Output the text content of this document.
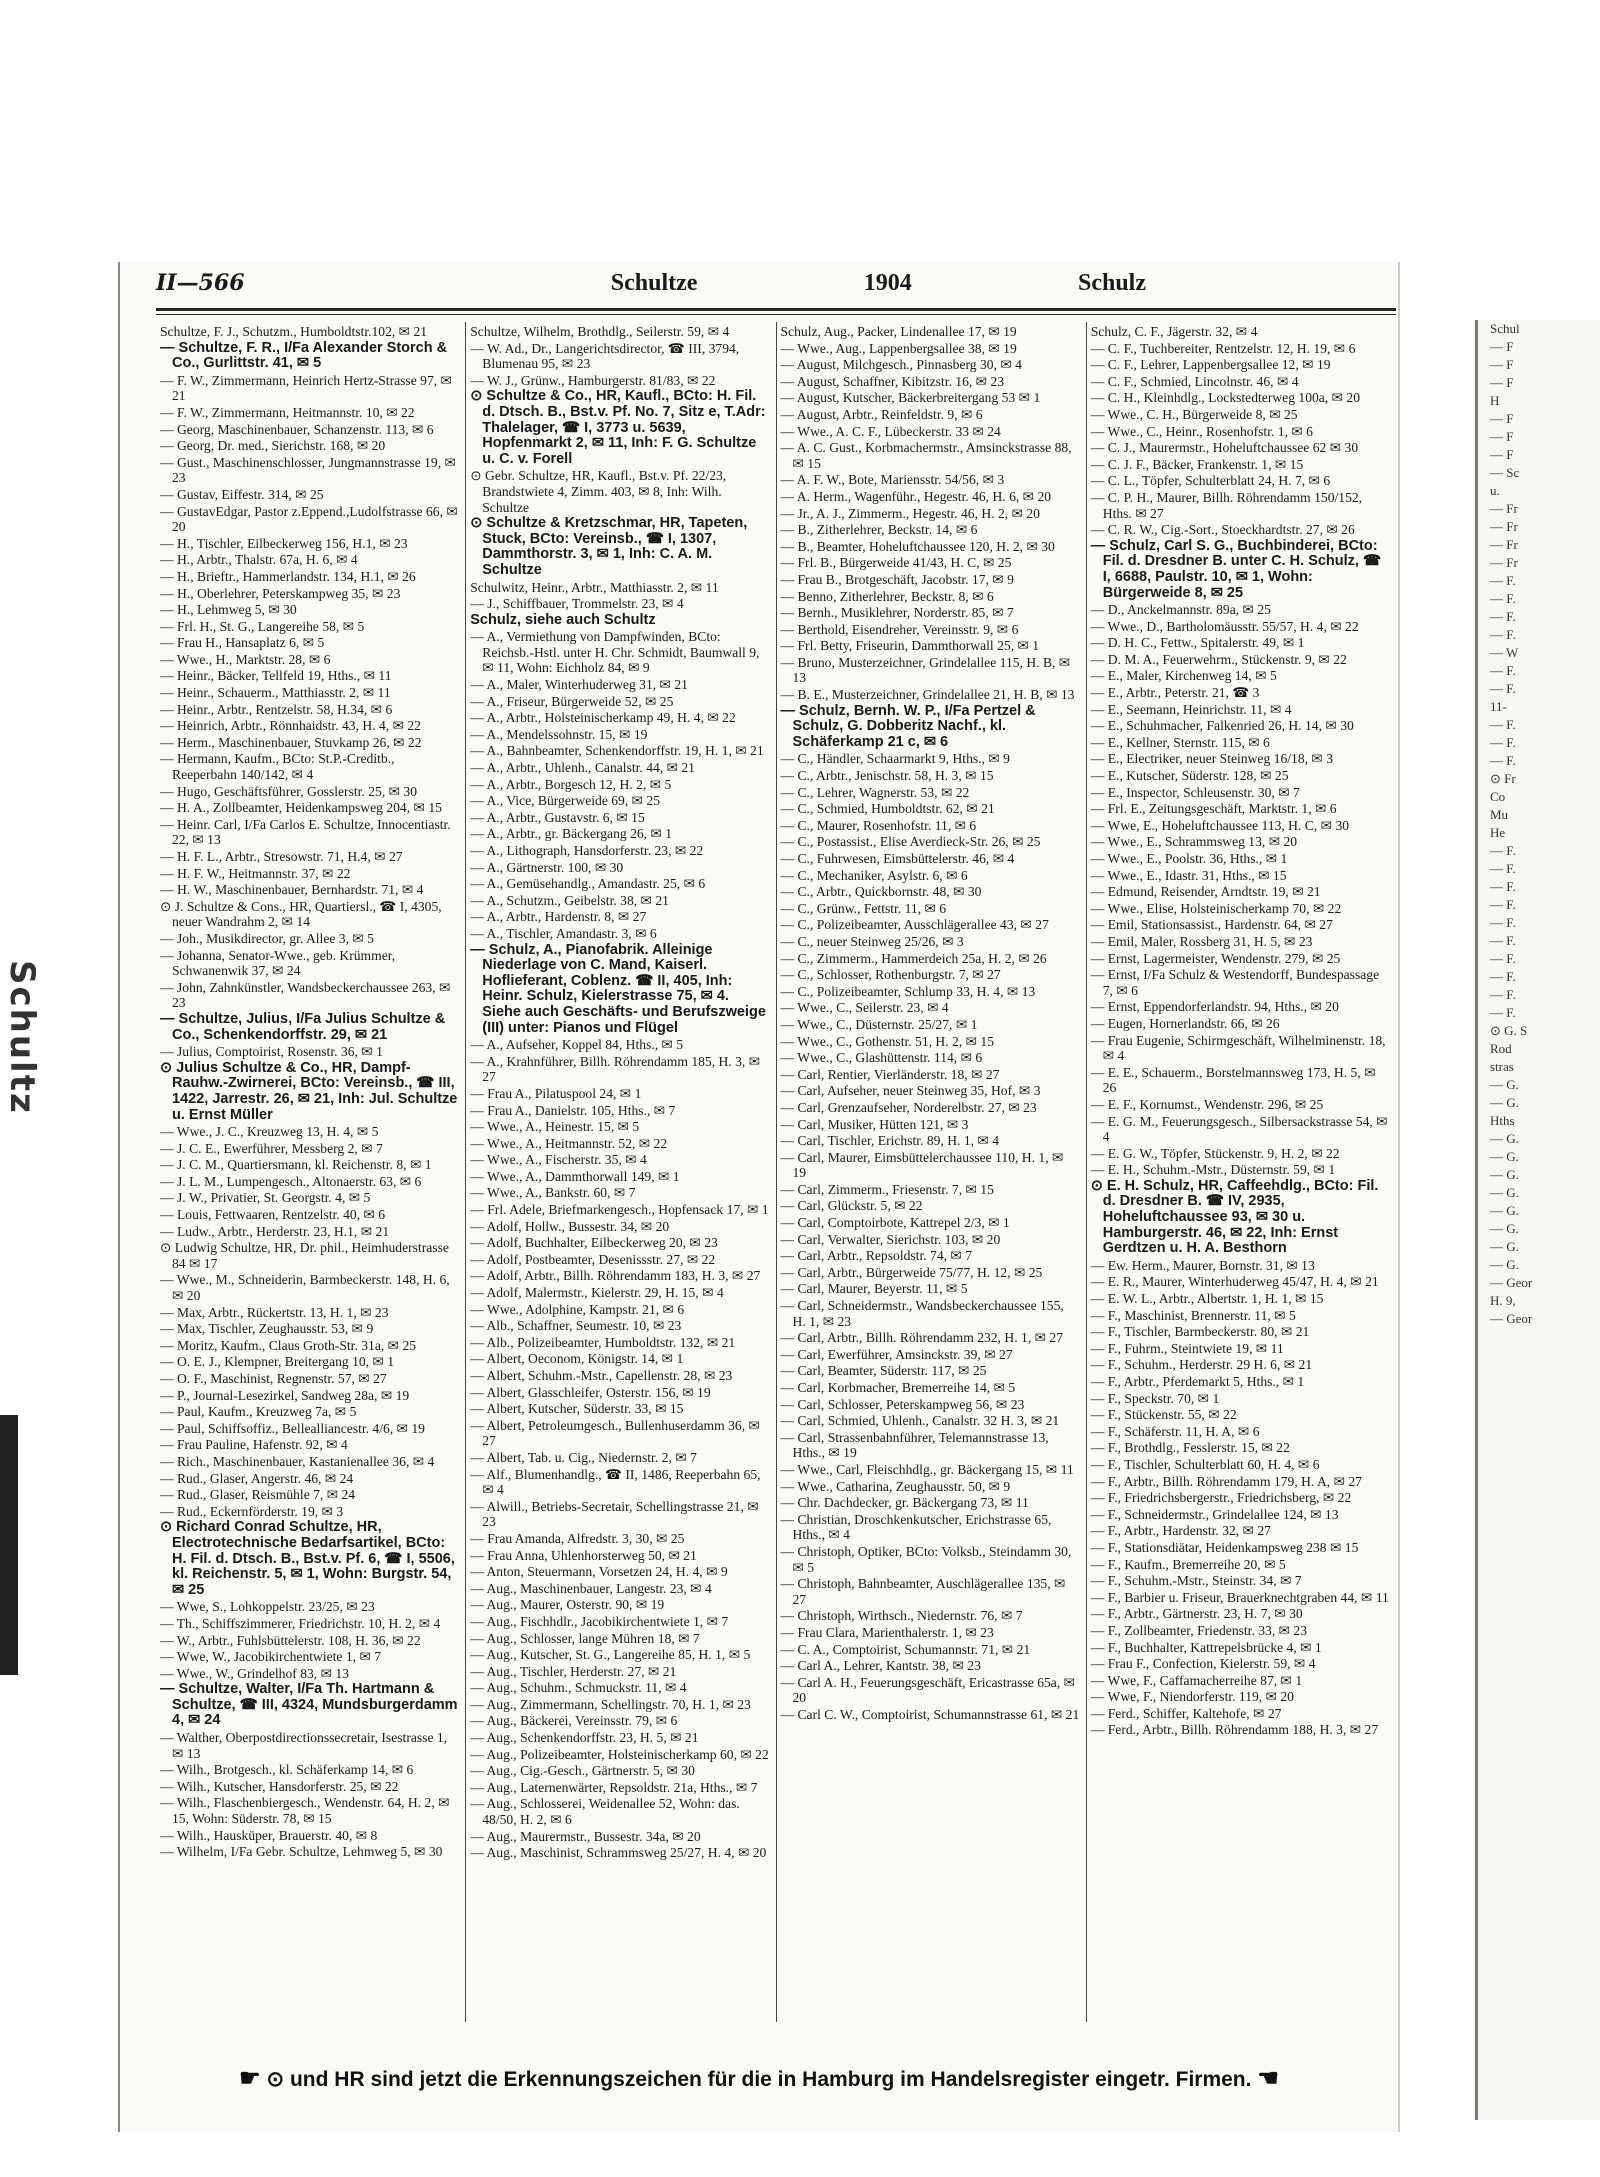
Schultz
II—566	Schultze	1904	Schulz
Schultze, F. J., Schutzm., Humboldtstr.102, ✉ 21
— Schultze, F. R., I/Fa Alexander Storch & Co., Gurlittstr. 41, ✉ 5
— F. W., Zimmermann, Heinrich Hertz-Strasse 97, ✉ 21
— F. W., Zimmermann, Heitmannstr. 10, ✉ 22
— Georg, Maschinenbauer, Schanzenstr. 113, ✉ 6
— Georg, Dr. med., Sierichstr. 168, ✉ 20
— Gust., Maschinenschlosser, Jungmannstrasse 19, ✉ 23
— Gustav, Eiffestr. 314, ✉ 25
— GustavEdgar, Pastor z.Eppend.,Ludolfstrasse 66, ✉ 20
— H., Tischler, Eilbeckerweg 156, H.1, ✉ 23
— H., Arbtr., Thalstr. 67a, H. 6, ✉ 4
— H., Brieftr., Hammerlandstr. 134, H.1, ✉ 26
— H., Oberlehrer, Peterskampweg 35, ✉ 23
— H., Lehmweg 5, ✉ 30
— Frl. H., St. G., Langereihe 58, ✉ 5
— Frau H., Hansaplatz 6, ✉ 5
— Wwe., H., Marktstr. 28, ✉ 6
— Heinr., Bäcker, Tellfeld 19, Hths., ✉ 11
— Heinr., Schauerm., Matthiasstr. 2, ✉ 11
— Heinr., Arbtr., Rentzelstr. 58, H.34, ✉ 6
— Heinrich, Arbtr., Rönnhaidstr. 43, H. 4, ✉ 22
— Herm., Maschinenbauer, Stuvkamp 26, ✉ 22
— Hermann, Kaufm., BCto: St.P.-Creditb., Reeperbahn 140/142, ✉ 4
— Hugo, Geschäftsführer, Gosslerstr. 25, ✉ 30
— H. A., Zollbeamter, Heidenkampsweg 204, ✉ 15
— Heinr. Carl, I/Fa Carlos E. Schultze, Innocentiastr. 22, ✉ 13
— H. F. L., Arbtr., Stresowstr. 71, H.4, ✉ 27
— H. F. W., Heitmannstr. 37, ✉ 22
— H. W., Maschinenbauer, Bernhardstr. 71, ✉ 4
⊙ J. Schultze & Cons., HR, Quartiersl., ☎ I, 4305, neuer Wandrahm 2, ✉ 14
— Joh., Musikdirector, gr. Allee 3, ✉ 5
— Johanna, Senator-Wwe., geb. Krümmer, Schwanenwik 37, ✉ 24
— John, Zahnkünstler, Wandsbeckerchaussee 263, ✉ 23
— Schultze, Julius, I/Fa Julius Schultze & Co., Schenkendorffstr. 29, ✉ 21
— Julius, Comptoirist, Rosenstr. 36, ✉ 1
⊙ Julius Schultze & Co., HR, Dampf-Rauhw.-Zwirnerei, BCto: Vereinsb., ☎ III, 1422, Jarrestr. 26, ✉ 21, Inh: Jul. Schultze u. Ernst Müller
— Wwe., J. C., Kreuzweg 13, H. 4, ✉ 5
— J. C. E., Ewerführer, Messberg 2, ✉ 7
— J. C. M., Quartiersmann, kl. Reichenstr. 8, ✉ 1
— J. L. M., Lumpengesch., Altonaerstr. 63, ✉ 6
— J. W., Privatier, St. Georgstr. 4, ✉ 5
— Louis, Fettwaaren, Rentzelstr. 40, ✉ 6
— Ludw., Arbtr., Herderstr. 23, H.1, ✉ 21
⊙ Ludwig Schultze, HR, Dr. phil., Heimhuderstrasse 84 ✉ 17
— Wwe., M., Schneiderin, Barmbeckerstr. 148, H. 6, ✉ 20
— Max, Arbtr., Rückertstr. 13, H. 1, ✉ 23
— Max, Tischler, Zeughausstr. 53, ✉ 9
— Moritz, Kaufm., Claus Groth-Str. 31a, ✉ 25
— O. E. J., Klempner, Breitergang 10, ✉ 1
— O. F., Maschinist, Regnenstr. 57, ✉ 27
— P., Journal-Lesezirkel, Sandweg 28a, ✉ 19
— Paul, Kaufm., Kreuzweg 7a, ✉ 5
— Paul, Schiffsoffiz., Bellealliancestr. 4/6, ✉ 19
— Frau Pauline, Hafenstr. 92, ✉ 4
— Rich., Maschinenbauer, Kastanienallee 36, ✉ 4
— Rud., Glaser, Angerstr. 46, ✉ 24
— Rud., Glaser, Reismühle 7, ✉ 24
— Rud., Eckernförderstr. 19, ✉ 3
⊙ Richard Conrad Schultze, HR, Electrotechnische Bedarfsartikel, BCto: H. Fil. d. Dtsch. B., Bst.v. Pf. 6, ☎ I, 5506, kl. Reichenstr. 5, ✉ 1, Wohn: Burgstr. 54, ✉ 25
— Wwe, S., Lohkoppelstr. 23/25, ✉ 23
— Th., Schiffszimmerer, Friedrichstr. 10, H. 2, ✉ 4
— W., Arbtr., Fuhlsbüttelerstr. 108, H. 36, ✉ 22
— Wwe, W., Jacobikirchentwiete 1, ✉ 7
— Wwe., W., Grindelhof 83, ✉ 13
— Schultze, Walter, I/Fa Th. Hartmann & Schultze, ☎ III, 4324, Mundsburgerdamm 4, ✉ 24
— Walther, Oberpostdirectionssecretair, Isestrasse 1, ✉ 13
— Wilh., Brotgesch., kl. Schäferkamp 14, ✉ 6
— Wilh., Kutscher, Hansdorferstr. 25, ✉ 22
— Wilh., Flaschenbiergesch., Wendenstr. 64, H. 2, ✉ 15, Wohn: Süderstr. 78, ✉ 15
— Wilh., Hausküper, Brauerstr. 40, ✉ 8
— Wilhelm, I/Fa Gebr. Schultze, Lehmweg 5, ✉ 30
Schultze, Wilhelm, Brothdlg., Seilerstr. 59, ✉ 4
— W. Ad., Dr., Langerichtsdirector, ☎ III, 3794, Blumenau 95, ✉ 23
— W. J., Grünw., Hamburgerstr. 81/83, ✉ 22
⊙ Schultze & Co., HR, Kaufl., BCto: H. Fil. d. Dtsch. B., Bst.v. Pf. No. 7, Sitz e, T.Adr: Thalelager, ☎ I, 3773 u. 5639, Hopfenmarkt 2, ✉ 11, Inh: F. G. Schultze u. C. v. Forell
⊙ Gebr. Schultze, HR, Kaufl., Bst.v. Pf. 22/23, Brandstwiete 4, Zimm. 403, ✉ 8, Inh: Wilh. Schultze
⊙ Schultze & Kretzschmar, HR, Tapeten, Stuck, BCto: Vereinsb., ☎ I, 1307, Dammthorstr. 3, ✉ 1, Inh: C. A. M. Schultze
Schulwitz, Heinr., Arbtr., Matthiasstr. 2, ✉ 11
— J., Schiffbauer, Trommelstr. 23, ✉ 4
Schulz, siehe auch Schultz
— A., Vermiethung von Dampfwinden, BCto: Reichsb.-Hstl. unter H. Chr. Schmidt, Baumwall 9, ✉ 11, Wohn: Eichholz 84, ✉ 9
— A., Maler, Winterhuderweg 31, ✉ 21
— A., Friseur, Bürgerweide 52, ✉ 25
— A., Arbtr., Holsteinischerkamp 49, H. 4, ✉ 22
— A., Mendelssohnstr. 15, ✉ 19
— A., Bahnbeamter, Schenkendorffstr. 19, H. 1, ✉ 21
— A., Arbtr., Uhlenh., Canalstr. 44, ✉ 21
— A., Arbtr., Borgesch 12, H. 2, ✉ 5
— A., Vice, Bürgerweide 69, ✉ 25
— A., Arbtr., Gustavstr. 6, ✉ 15
— A., Arbtr., gr. Bäckergang 26, ✉ 1
— A., Lithograph, Hansdorferstr. 23, ✉ 22
— A., Gärtnerstr. 100, ✉ 30
— A., Gemüsehandlg., Amandastr. 25, ✉ 6
— A., Schutzm., Geibelstr. 38, ✉ 21
— A., Arbtr., Hardenstr. 8, ✉ 27
— A., Tischler, Amandastr. 3, ✉ 6
— Schulz, A., Pianofabrik. Alleinige Niederlage von C. Mand, Kaiserl. Hoflieferant, Coblenz. ☎ II, 405, Inh: Heinr. Schulz, Kielerstrasse 75, ✉ 4. Siehe auch Geschäfts- und Berufszweige (III) unter: Pianos und Flügel
— A., Aufseher, Koppel 84, Hths., ✉ 5
— A., Krahnführer, Billh. Röhrendamm 185, H. 3, ✉ 27
— Frau A., Pilatuspool 24, ✉ 1
— Frau A., Danielstr. 105, Hths., ✉ 7
— Wwe., A., Heinestr. 15, ✉ 5
— Wwe., A., Heitmannstr. 52, ✉ 22
— Wwe., A., Fischerstr. 35, ✉ 4
— Wwe., A., Dammthorwall 149, ✉ 1
— Wwe., A., Bankstr. 60, ✉ 7
— Frl. Adele, Briefmarkengesch., Hopfensack 17, ✉ 1
— Adolf, Hollw., Bussestr. 34, ✉ 20
— Adolf, Buchhalter, Eilbeckerweg 20, ✉ 23
— Adolf, Postbeamter, Desenissstr. 27, ✉ 22
— Adolf, Arbtr., Billh. Röhrendamm 183, H. 3, ✉ 27
— Adolf, Malermstr., Kielerstr. 29, H. 15, ✉ 4
— Wwe., Adolphine, Kampstr. 21, ✉ 6
— Alb., Schaffner, Seumestr. 10, ✉ 23
— Alb., Polizeibeamter, Humboldtstr. 132, ✉ 21
— Albert, Oeconom, Königstr. 14, ✉ 1
— Albert, Schuhm.-Mstr., Capellenstr. 28, ✉ 23
— Albert, Glasschleifer, Osterstr. 156, ✉ 19
— Albert, Kutscher, Süderstr. 33, ✉ 15
— Albert, Petroleumgesch., Bullenhuserdamm 36, ✉ 27
— Albert, Tab. u. Cig., Niedernstr. 2, ✉ 7
— Alf., Blumenhandlg., ☎ II, 1486, Reeperbahn 65, ✉ 4
— Alwill., Betriebs-Secretair, Schellingstrasse 21, ✉ 23
— Frau Amanda, Alfredstr. 3, 30, ✉ 25
— Frau Anna, Uhlenhorsterweg 50, ✉ 21
— Anton, Steuermann, Vorsetzen 24, H. 4, ✉ 9
— Aug., Maschinenbauer, Langestr. 23, ✉ 4
— Aug., Maurer, Osterstr. 90, ✉ 19
— Aug., Fischhdlr., Jacobikirchentwiete 1, ✉ 7
— Aug., Schlosser, lange Mühren 18, ✉ 7
— Aug., Kutscher, St. G., Langereihe 85, H. 1, ✉ 5
— Aug., Tischler, Herderstr. 27, ✉ 21
— Aug., Schuhm., Schmuckstr. 11, ✉ 4
— Aug., Zimmermann, Schellingstr. 70, H. 1, ✉ 23
— Aug., Bäckerei, Vereinsstr. 79, ✉ 6
— Aug., Schenkendorffstr. 23, H. 5, ✉ 21
— Aug., Polizeibeamter, Holsteinischerkamp 60, ✉ 22
— Aug., Cig.-Gesch., Gärtnerstr. 5, ✉ 30
— Aug., Laternenwärter, Repsoldstr. 21a, Hths., ✉ 7
— Aug., Schlosserei, Weidenallee 52, Wohn: das. 48/50, H. 2, ✉ 6
— Aug., Maurermstr., Bussestr. 34a, ✉ 20
— Aug., Maschinist, Schrammsweg 25/27, H. 4, ✉ 20
Schulz, Aug., Packer, Lindenallee 17, ✉ 19
— Wwe., Aug., Lappenbergsallee 38, ✉ 19
— August, Milchgesch., Pinnasberg 30, ✉ 4
— August, Schaffner, Kibitzstr. 16, ✉ 23
— August, Kutscher, Bäckerbreitergang 53 ✉ 1
— August, Arbtr., Reinfeldstr. 9, ✉ 6
— Wwe., A. C. F., Lübeckerstr. 33 ✉ 24
— A. C. Gust., Korbmachermstr., Amsinckstrasse 88, ✉ 15
— A. F. W., Bote, Mariensstr. 54/56, ✉ 3
— A. Herm., Wagenführ., Hegestr. 46, H. 6, ✉ 20
— Jr., A. J., Zimmerm., Hegestr. 46, H. 2, ✉ 20
— B., Zitherlehrer, Beckstr. 14, ✉ 6
— B., Beamter, Hoheluftchaussee 120, H. 2, ✉ 30
— Frl. B., Bürgerweide 41/43, H. C, ✉ 25
— Frau B., Brotgeschäft, Jacobstr. 17, ✉ 9
— Benno, Zitherlehrer, Beckstr. 8, ✉ 6
— Bernh., Musiklehrer, Norderstr. 85, ✉ 7
— Berthold, Eisendreher, Vereinsstr. 9, ✉ 6
— Frl. Betty, Friseurin, Dammthorwall 25, ✉ 1
— Bruno, Musterzeichner, Grindelallee 115, H. B, ✉ 13
— B. E., Musterzeichner, Grindelallee 21, H. B, ✉ 13
— Schulz, Bernh. W. P., I/Fa Pertzel & Schulz, G. Dobberitz Nachf., kl. Schäferkamp 21 c, ✉ 6
— C., Händler, Schaarmarkt 9, Hths., ✉ 9
— C., Arbtr., Jenischstr. 58, H. 3, ✉ 15
— C., Lehrer, Wagnerstr. 53, ✉ 22
— C., Schmied, Humboldtstr. 62, ✉ 21
— C., Maurer, Rosenhofstr. 11, ✉ 6
— C., Postassist., Elise Averdieck-Str. 26, ✉ 25
— C., Fuhrwesen, Eimsbüttelerstr. 46, ✉ 4
— C., Mechaniker, Asylstr. 6, ✉ 6
— C., Arbtr., Quickbornstr. 48, ✉ 30
— C., Grünw., Fettstr. 11, ✉ 6
— C., Polizeibeamter, Ausschlägerallee 43, ✉ 27
— C., neuer Steinweg 25/26, ✉ 3
— C., Zimmerm., Hammerdeich 25a, H. 2, ✉ 26
— C., Schlosser, Rothenburgstr. 7, ✉ 27
— C., Polizeibeamter, Schlump 33, H. 4, ✉ 13
— Wwe., C., Seilerstr. 23, ✉ 4
— Wwe., C., Düsternstr. 25/27, ✉ 1
— Wwe., C., Gothenstr. 51, H. 2, ✉ 15
— Wwe., C., Glashüttenstr. 114, ✉ 6
— Carl, Rentier, Vierländerstr. 18, ✉ 27
— Carl, Aufseher, neuer Steinweg 35, Hof, ✉ 3
— Carl, Grenzaufseher, Norderelbstr. 27, ✉ 23
— Carl, Musiker, Hütten 121, ✉ 3
— Carl, Tischler, Erichstr. 89, H. 1, ✉ 4
— Carl, Maurer, Eimsbüttelerchaussee 110, H. 1, ✉ 19
— Carl, Zimmerm., Friesenstr. 7, ✉ 15
— Carl, Glückstr. 5, ✉ 22
— Carl, Comptoirbote, Kattrepel 2/3, ✉ 1
— Carl, Verwalter, Sierichstr. 103, ✉ 20
— Carl, Arbtr., Repsoldstr. 74, ✉ 7
— Carl, Arbtr., Bürgerweide 75/77, H. 12, ✉ 25
— Carl, Maurer, Beyerstr. 11, ✉ 5
— Carl, Schneidermstr., Wandsbeckerchaussee 155, H. 1, ✉ 23
— Carl, Arbtr., Billh. Röhrendamm 232, H. 1, ✉ 27
— Carl, Ewerführer, Amsinckstr. 39, ✉ 27
— Carl, Beamter, Süderstr. 117, ✉ 25
— Carl, Korbmacher, Bremerreihe 14, ✉ 5
— Carl, Schlosser, Peterskampweg 56, ✉ 23
— Carl, Schmied, Uhlenh., Canalstr. 32 H. 3, ✉ 21
— Carl, Strassenbahnführer, Telemannstrasse 13, Hths., ✉ 19
— Wwe., Carl, Fleischhdlg., gr. Bäckergang 15, ✉ 11
— Wwe., Catharina, Zeughausstr. 50, ✉ 9
— Chr. Dachdecker, gr. Bäckergang 73, ✉ 11
— Christian, Droschkenkutscher, Erichstrasse 65, Hths., ✉ 4
— Christoph, Optiker, BCto: Volksb., Steindamm 30, ✉ 5
— Christoph, Bahnbeamter, Auschlägerallee 135, ✉ 27
— Christoph, Wirthsch., Niedernstr. 76, ✉ 7
— Frau Clara, Marienthalerstr. 1, ✉ 23
— C. A., Comptoirist, Schumannstr. 71, ✉ 21
— Carl A., Lehrer, Kantstr. 38, ✉ 23
— Carl A. H., Feuerungsgeschäft, Ericastrasse 65a, ✉ 20
— Carl C. W., Comptoirist, Schumannstrasse 61, ✉ 21
Schulz, C. F., Jägerstr. 32, ✉ 4
— C. F., Tuchbereiter, Rentzelstr. 12, H. 19, ✉ 6
— C. F., Lehrer, Lappenbergsallee 12, ✉ 19
— C. F., Schmied, Lincolnstr. 46, ✉ 4
— C. H., Kleinhdlg., Lockstedterweg 100a, ✉ 20
— Wwe., C. H., Bürgerweide 8, ✉ 25
— Wwe., C., Heinr., Rosenhofstr. 1, ✉ 6
— C. J., Maurermstr., Hoheluftchaussee 62 ✉ 30
— C. J. F., Bäcker, Frankenstr. 1, ✉ 15
— C. L., Töpfer, Schulterblatt 24, H. 7, ✉ 6
— C. P. H., Maurer, Billh. Röhrendamm 150/152, Hths. ✉ 27
— C. R. W., Cig.-Sort., Stoeckhardtstr. 27, ✉ 26
— Schulz, Carl S. G., Buchbinderei, BCto: Fil. d. Dresdner B. unter C. H. Schulz, ☎ I, 6688, Paulstr. 10, ✉ 1, Wohn: Bürgerweide 8, ✉ 25
— D., Anckelmannstr. 89a, ✉ 25
— Wwe., D., Bartholomäusstr. 55/57, H. 4, ✉ 22
— D. H. C., Fettw., Spitalerstr. 49, ✉ 1
— D. M. A., Feuerwehrm., Stückenstr. 9, ✉ 22
— E., Maler, Kirchenweg 14, ✉ 5
— E., Arbtr., Peterstr. 21, ☎ 3
— E., Seemann, Heinrichstr. 11, ✉ 4
— E., Schuhmacher, Falkenried 26, H. 14, ✉ 30
— E., Kellner, Sternstr. 115, ✉ 6
— E., Electriker, neuer Steinweg 16/18, ✉ 3
— E., Kutscher, Süderstr. 128, ✉ 25
— E., Inspector, Schleusenstr. 30, ✉ 7
— Frl. E., Zeitungsgeschäft, Marktstr. 1, ✉ 6
— Wwe, E., Hoheluftchaussee 113, H. C, ✉ 30
— Wwe., E., Schrammsweg 13, ✉ 20
— Wwe., E., Poolstr. 36, Hths., ✉ 1
— Wwe., E., Idastr. 31, Hths., ✉ 15
— Edmund, Reisender, Arndtstr. 19, ✉ 21
— Wwe., Elise, Holsteinischerkamp 70, ✉ 22
— Emil, Stationsassist., Hardenstr. 64, ✉ 27
— Emil, Maler, Rossberg 31, H. 5, ✉ 23
— Ernst, Lagermeister, Wendenstr. 279, ✉ 25
— Ernst, I/Fa Schulz & Westendorff, Bundespassage 7, ✉ 6
— Ernst, Eppendorferlandstr. 94, Hths., ✉ 20
— Eugen, Hornerlandstr. 66, ✉ 26
— Frau Eugenie, Schirmgeschäft, Wilhelminenstr. 18, ✉ 4
— E. E., Schauerm., Borstelmannsweg 173, H. 5, ✉ 26
— E. F., Kornumst., Wendenstr. 296, ✉ 25
— E. G. M., Feuerungsgesch., Silbersackstrasse 54, ✉ 4
— E. G. W., Töpfer, Stückenstr. 9, H. 2, ✉ 22
— E. H., Schuhm.-Mstr., Düsternstr. 59, ✉ 1
⊙ E. H. Schulz, HR, Caffeehdlg., BCto: Fil. d. Dresdner B. ☎ IV, 2935, Hoheluftchaussee 93, ✉ 30 u. Hamburgerstr. 46, ✉ 22, Inh: Ernst Gerdtzen u. H. A. Besthorn
— Ew. Herm., Maurer, Bornstr. 31, ✉ 13
— E. R., Maurer, Winterhuderweg 45/47, H. 4, ✉ 21
— E. W. L., Arbtr., Albertstr. 1, H. 1, ✉ 15
— F., Maschinist, Brennerstr. 11, ✉ 5
— F., Tischler, Barmbeckerstr. 80, ✉ 21
— F., Fuhrm., Steintwiete 19, ✉ 11
— F., Schuhm., Herderstr. 29 H. 6, ✉ 21
— F., Arbtr., Pferdemarkt 5, Hths., ✉ 1
— F., Speckstr. 70, ✉ 1
— F., Stückenstr. 55, ✉ 22
— F., Schäferstr. 11, H. A, ✉ 6
— F., Brothdlg., Fesslerstr. 15, ✉ 22
— F., Tischler, Schulterblatt 60, H. 4, ✉ 6
— F., Arbtr., Billh. Röhrendamm 179, H. A, ✉ 27
— F., Friedrichsbergerstr., Friedrichsberg, ✉ 22
— F., Schneidermstr., Grindelallee 124, ✉ 13
— F., Arbtr., Hardenstr. 32, ✉ 27
— F., Stationsdiätar, Heidenkampsweg 238 ✉ 15
— F., Kaufm., Bremerreihe 20, ✉ 5
— F., Schuhm.-Mstr., Steinstr. 34, ✉ 7
— F., Barbier u. Friseur, Brauerknechtgraben 44, ✉ 11
— F., Arbtr., Gärtnerstr. 23, H. 7, ✉ 30
— F., Zollbeamter, Friedenstr. 33, ✉ 23
— F., Buchhalter, Kattrepelsbrücke 4, ✉ 1
— Frau F., Confection, Kielerstr. 59, ✉ 4
— Wwe, F., Caffamacherreihe 87, ✉ 1
— Wwe, F., Niendorferstr. 119, ✉ 20
— Ferd., Schiffer, Kaltehofe, ✉ 27
— Ferd., Arbtr., Billh. Röhrendamm 188, H. 3, ✉ 27
☛ ⊙ und HR sind jetzt die Erkennungszeichen für die in Hamburg im Handelsregister eingetr. Firmen. ☚
Schul
— F
— F
— F
H
— F
— F
— F
— Sc
u.
— Fr
— Fr
— Fr
— Fr
— F.
— F.
— F.
— F.
— W
— F.
— F.
11-
— F.
— F.
— F.
⊙ Fr
Co
Mu
He
— F.
— F.
— F.
— F.
— F.
— F.
— F.
— F.
— F.
— F.
⊙ G. S
Rod
stras
— G.
— G.
Hths
— G.
— G.
— G.
— G.
— G.
— G.
— G.
— G.
— Geor
H. 9,
— Geor
